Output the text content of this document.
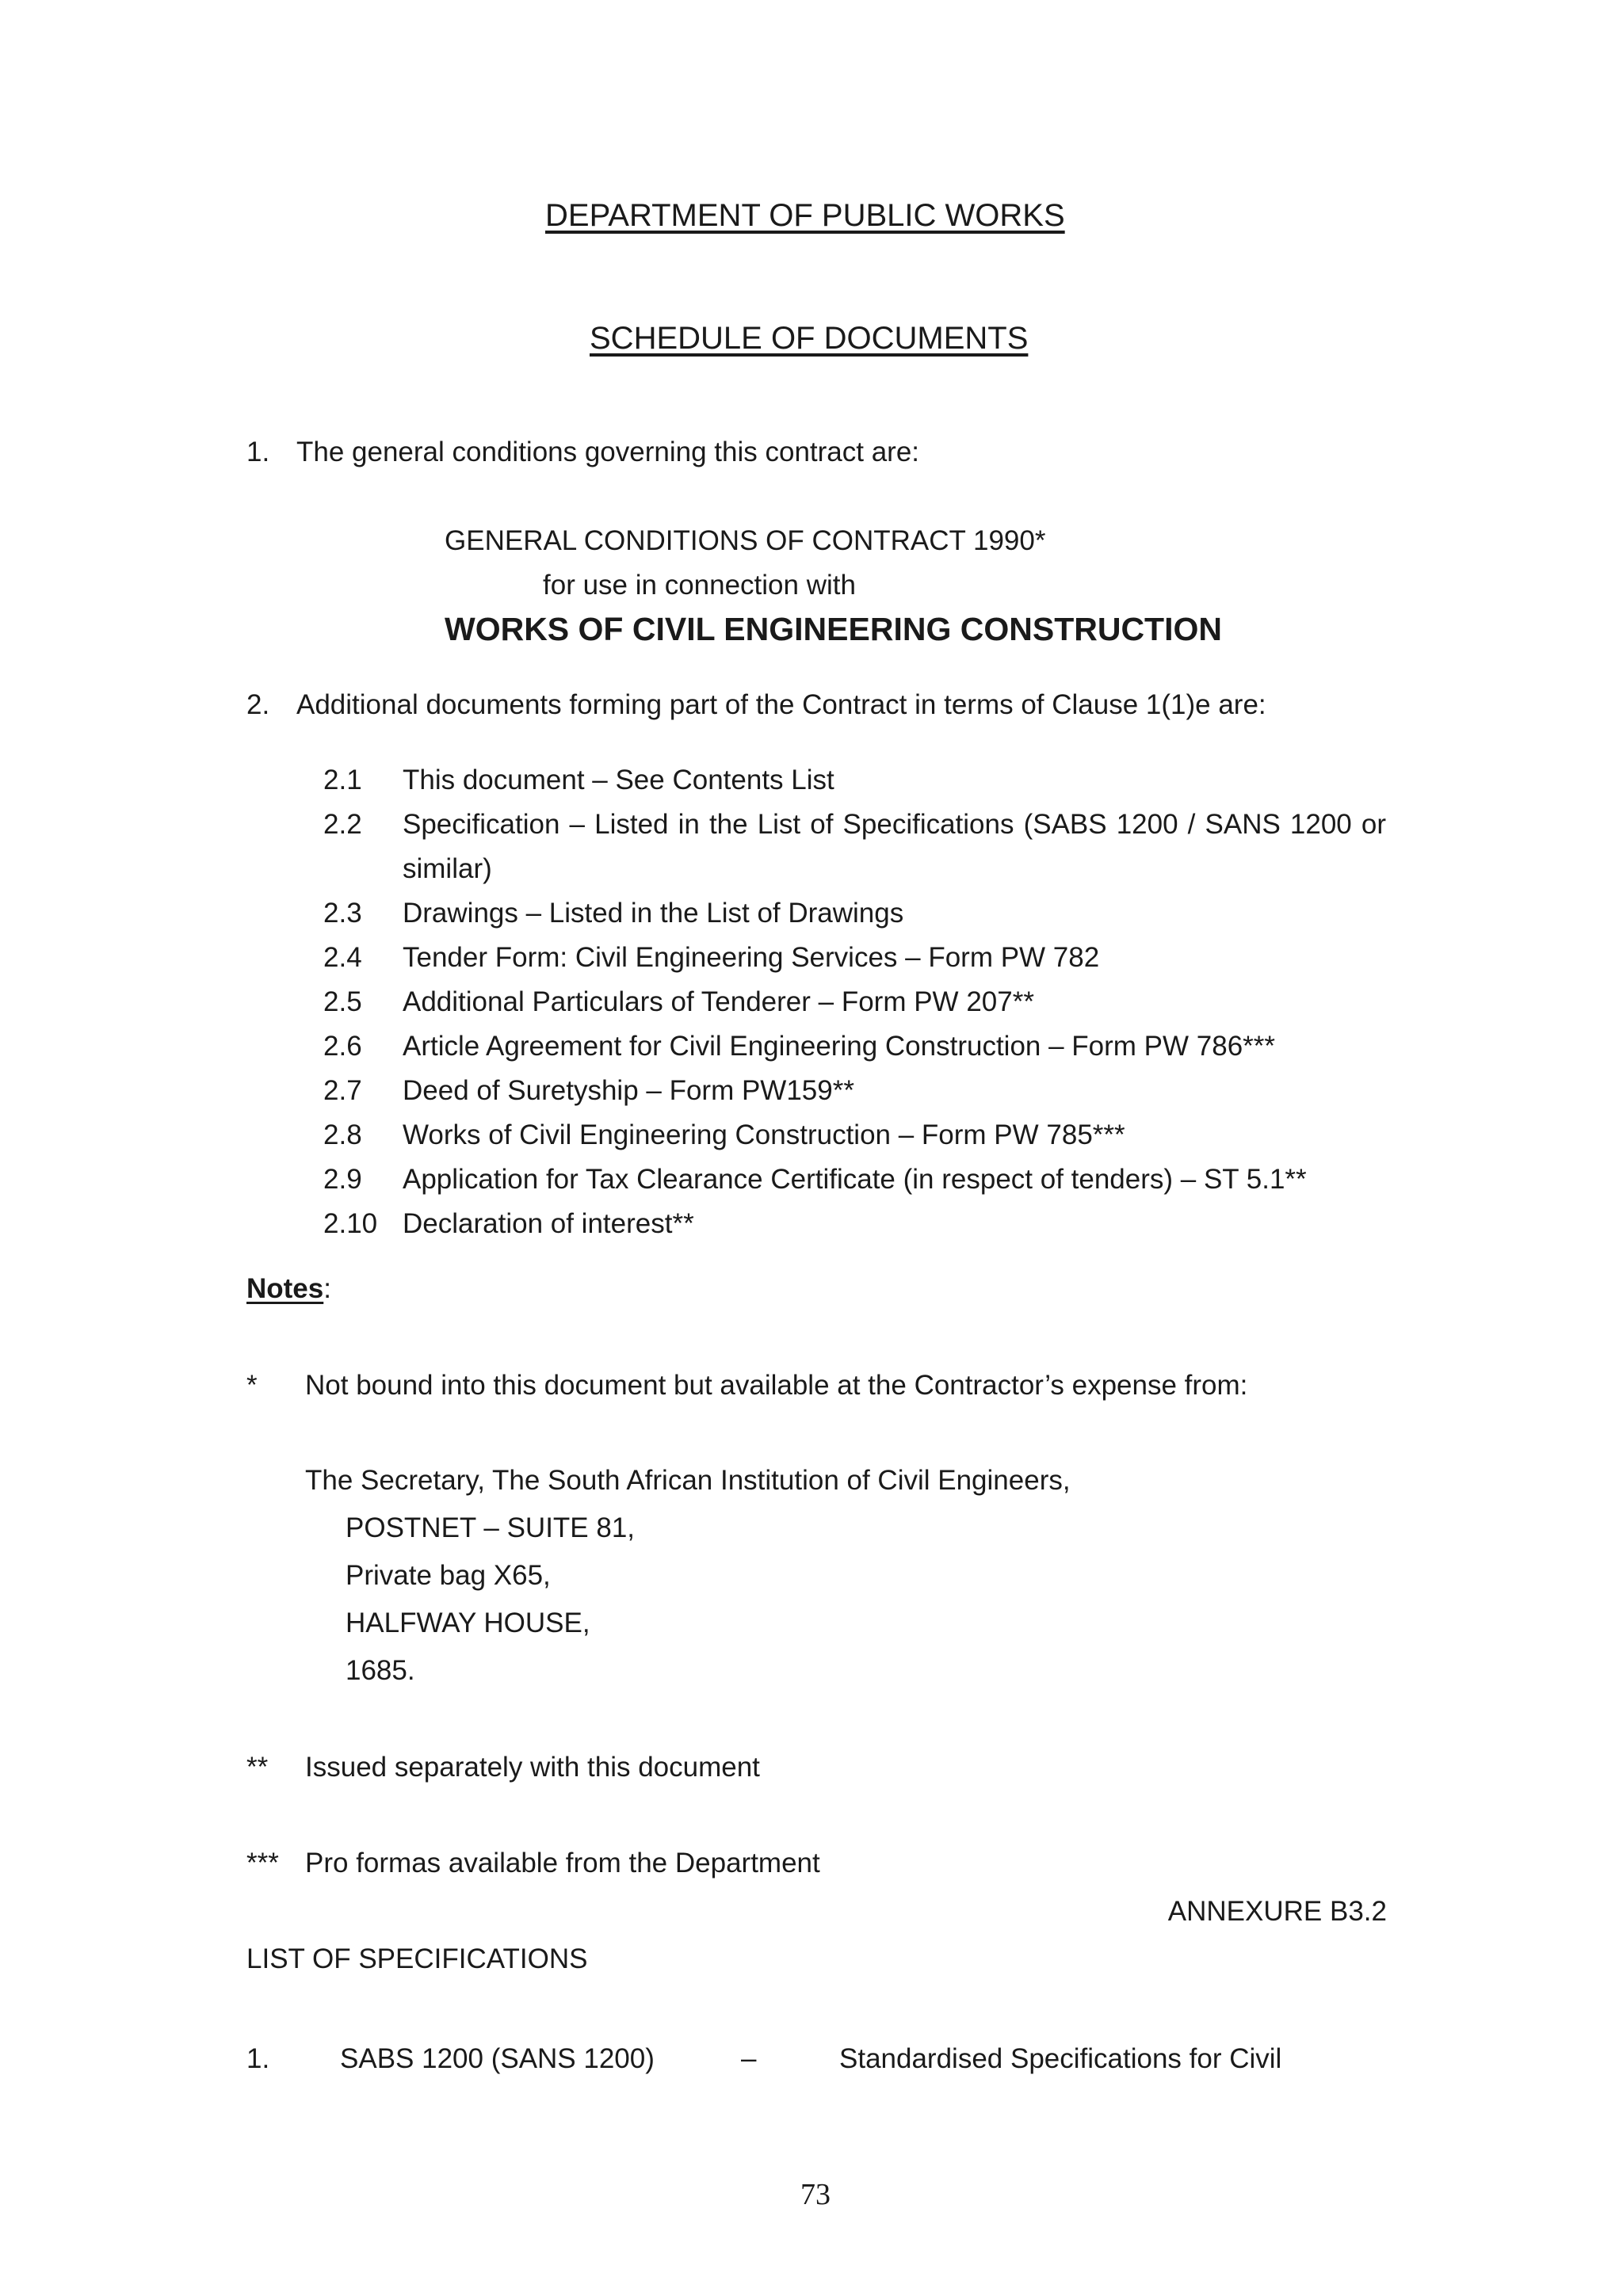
DEPARTMENT OF PUBLIC WORKS
SCHEDULE OF DOCUMENTS
1. The general conditions governing this contract are:
GENERAL CONDITIONS OF CONTRACT 1990*
for use in connection with
WORKS OF CIVIL ENGINEERING CONSTRUCTION
2. Additional documents forming part of the Contract in terms of Clause 1(1)e are:
2.1 This document – See Contents List
2.2 Specification – Listed in the List of Specifications (SABS 1200 / SANS 1200 or
similar)
2.3 Drawings – Listed in the List of Drawings
2.4 Tender Form: Civil Engineering Services – Form PW 782
2.5 Additional Particulars of Tenderer – Form PW 207**
2.6 Article Agreement for Civil Engineering Construction – Form PW 786***
2.7 Deed of Suretyship – Form PW159**
2.8 Works of Civil Engineering Construction – Form PW 785***
2.9 Application for Tax Clearance Certificate (in respect of tenders) – ST 5.1**
2.10 Declaration of interest**
Notes:
* Not bound into this document but available at the Contractor’s expense from:
The Secretary, The South African Institution of Civil Engineers,
POSTNET – SUITE 81,
Private bag X65,
HALFWAY HOUSE,
1685.
** Issued separately with this document
*** Pro formas available from the Department
ANNEXURE B3.2
LIST OF SPECIFICATIONS
1.	SABS 1200 (SANS 1200)	–	Standardised Specifications for Civil
73
